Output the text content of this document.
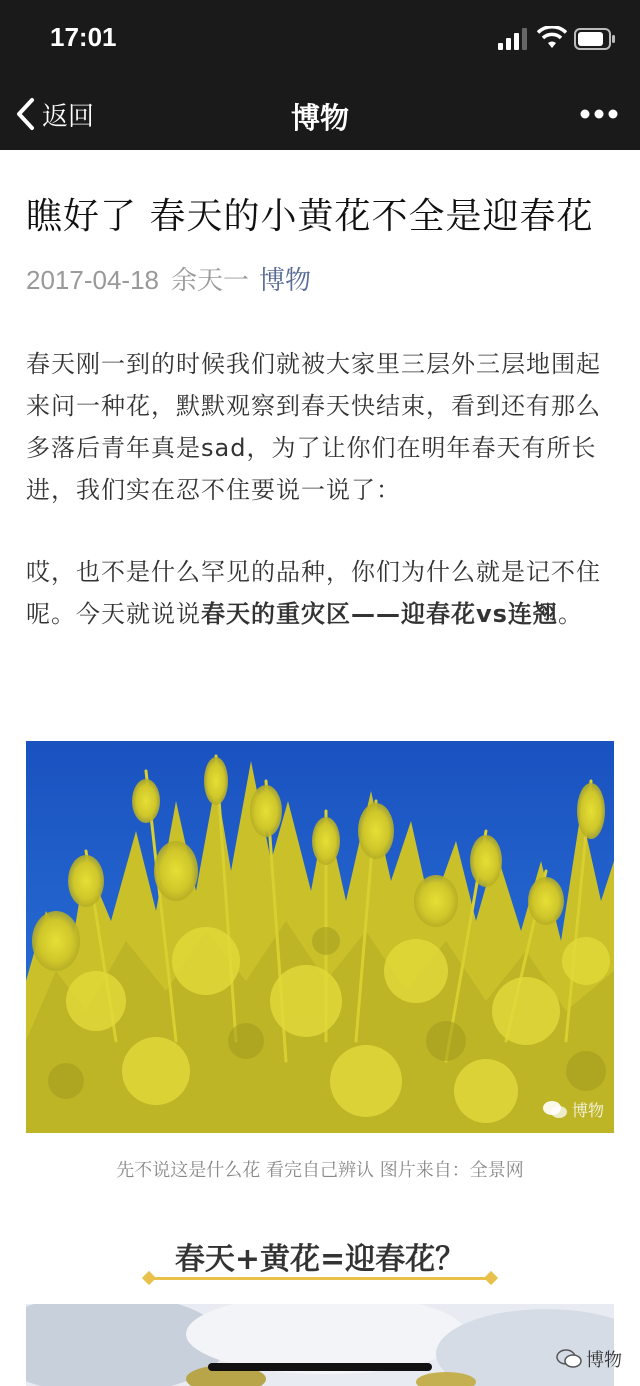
17:01
返回	博物
瞧好了 春天的小黄花不全是迎春花
2017-04-18 余天一 博物

春天刚一到的时候我们就被大家里三层外三层地围起来问一种花，默默观察到春天快结束，看到还有那么多落后青年真是sad，为了让你们在明年春天有所长进，我们实在忍不住要说一说了：

哎，也不是什么罕见的品种，你们为什么就是记不住呢。今天就说说春天的重灾区——迎春花vs连翘。

博物
先不说这是什么花 看完自己辨认 图片来自：全景网
春天+黄花=迎春花？
博物
